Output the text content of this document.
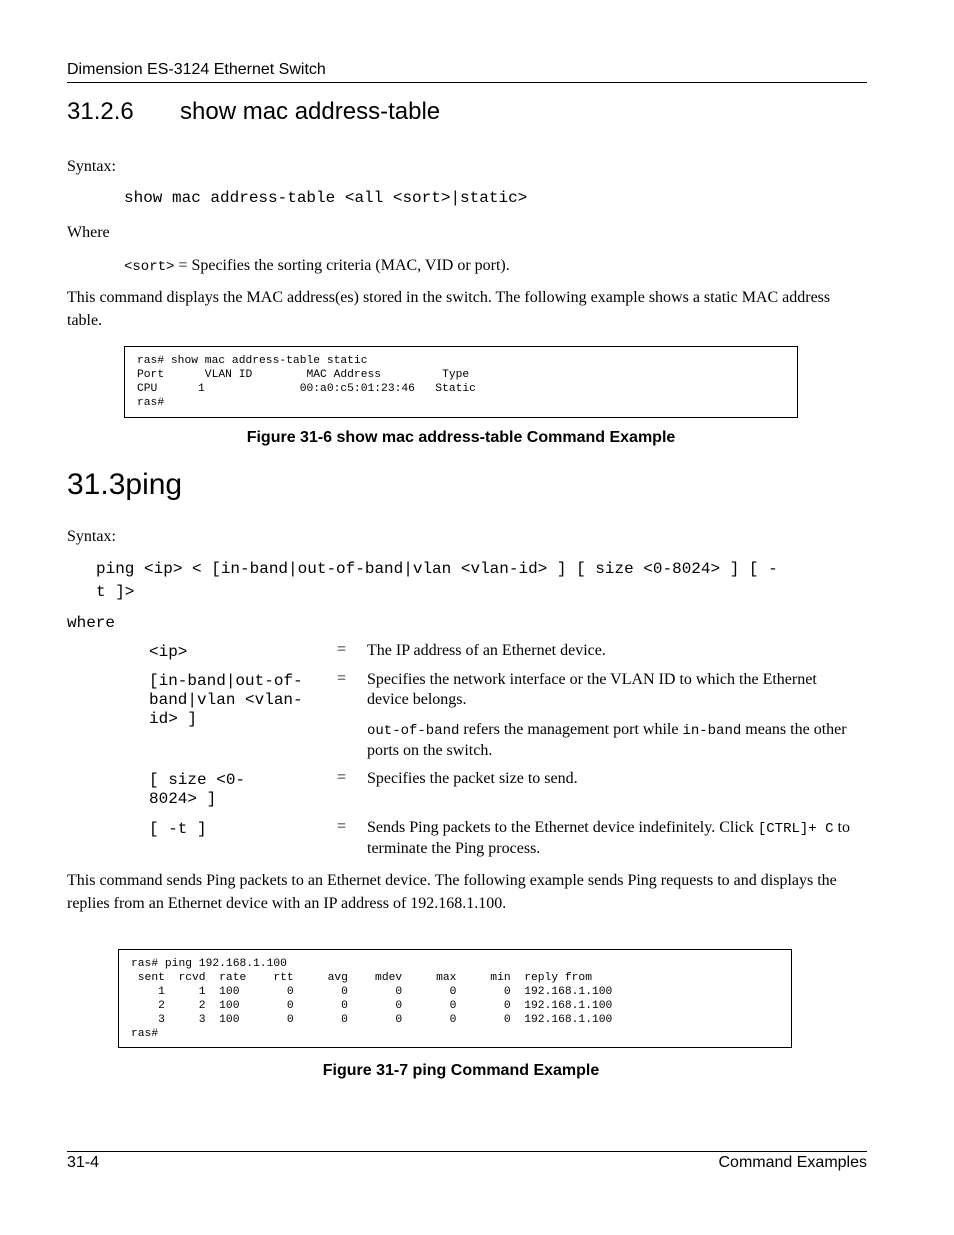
Dimension ES-3124 Ethernet Switch
31.2.6 show mac address-table
Syntax:
show mac address-table <all <sort>|static>
Where
<sort> = Specifies the sorting criteria (MAC, VID or port).
This command displays the MAC address(es) stored in the switch. The following example shows a static MAC address table.
ras# show mac address-table static
Port      VLAN ID        MAC Address         Type
CPU      1              00:a0:c5:01:23:46   Static
ras#
Figure 31-6 show mac address-table Command Example
31.3ping
Syntax:
ping <ip> < [in-band|out-of-band|vlan <vlan-id> ] [ size <0-8024> ] [ -
t ]>
where
<ip>	= The IP address of an Ethernet device.
[in-band|out-of-
band|vlan <vlan-
id> ]
= Specifies the network interface or the VLAN ID to which the Ethernet device belongs.
out-of-band refers the management port while in-band means the other ports on the switch.
[ size <0-
8024> ]
= Specifies the packet size to send.
[ -t ]	= Sends Ping packets to the Ethernet device indefinitely. Click [CTRL]+ C to terminate the Ping process.
This command sends Ping packets to an Ethernet device. The following example sends Ping requests to and displays the replies from an Ethernet device with an IP address of 192.168.1.100.
ras# ping 192.168.1.100
sent  rcvd  rate    rtt     avg    mdev     max     min  reply from
1     1  100       0       0       0       0       0  192.168.1.100
2     2  100       0       0       0       0       0  192.168.1.100
3     3  100       0       0       0       0       0  192.168.1.100
ras#
Figure 31-7 ping Command Example
31-4	Command Examples
